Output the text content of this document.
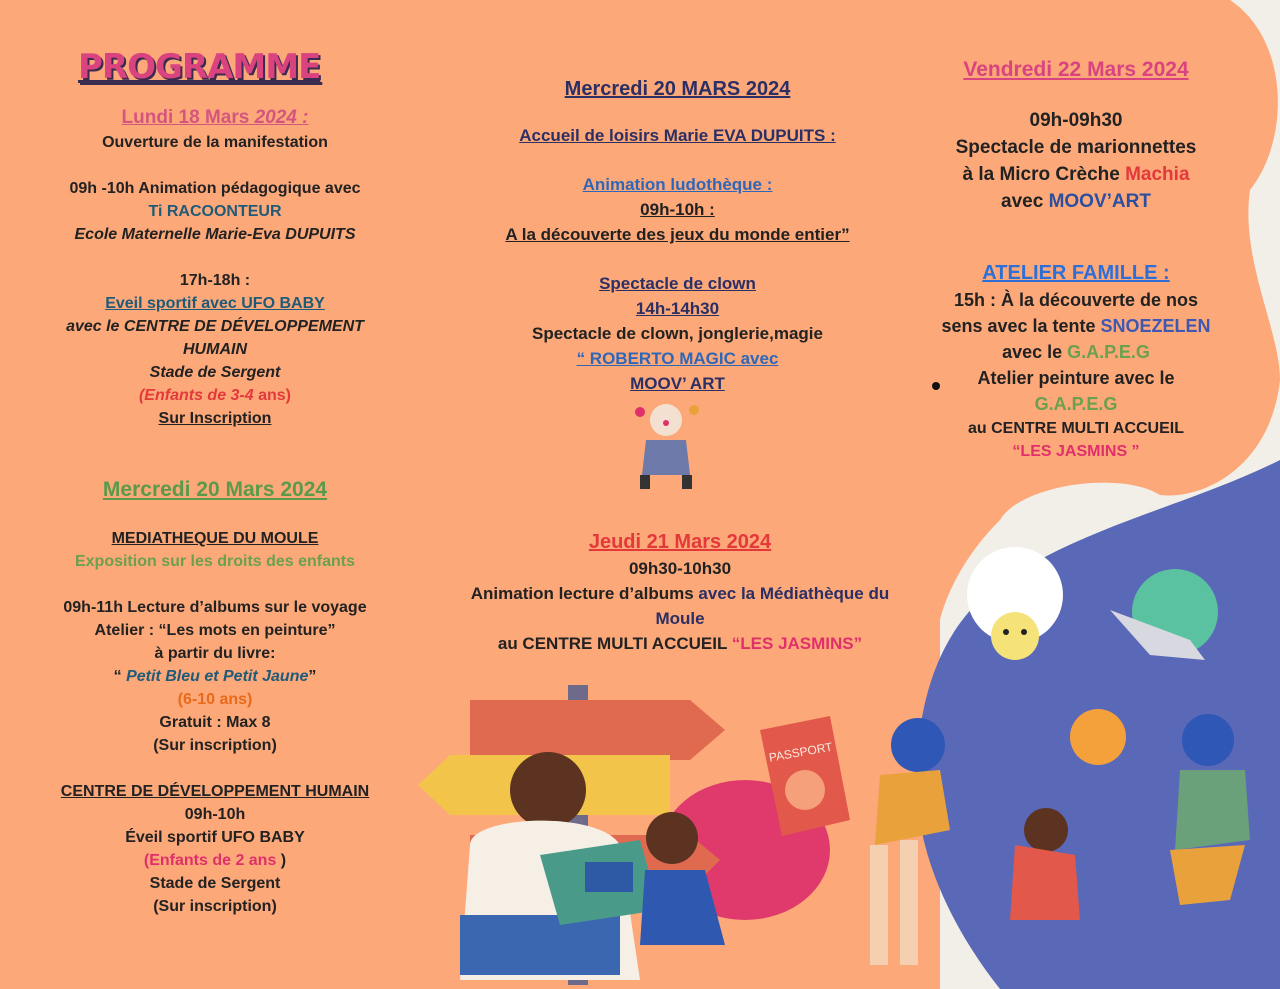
PASSPORT

PROGRAMME

Lundi 18 Mars 2024 :

Ouverture de la manifestation

09h -10h Animation pédagogique avec

Ti RACOONTEUR

Ecole Maternelle Marie-Eva DUPUITS

17h-18h :

Eveil sportif avec UFO BABY

avec le CENTRE DE DÉVELOPPEMENT HUMAIN

Stade de Sergent

(Enfants de 3-4 ans)

Sur Inscription

Mercredi 20 Mars 2024

MEDIATHEQUE DU MOULE

Exposition sur les droits des enfants

09h-11h Lecture d’albums sur le voyage

Atelier : “Les mots en peinture”

à partir du livre:

“ Petit Bleu et Petit Jaune”

(6-10 ans)

Gratuit : Max 8

(Sur inscription)

CENTRE DE DÉVELOPPEMENT HUMAIN

09h-10h

Éveil sportif UFO BABY

(Enfants de 2 ans )

Stade de Sergent

(Sur inscription)

Mercredi 20 MARS 2024

Accueil de loisirs Marie EVA DUPUITS :

Animation ludothèque :

09h-10h :

A la découverte des jeux du monde entier”

Spectacle de clown

14h-14h30

Spectacle de clown, jonglerie,magie

“ ROBERTO MAGIC avec

MOOV’ ART

Jeudi 21 Mars 2024

09h30-10h30

Animation lecture d’albums avec la Médiathèque du Moule

au CENTRE MULTI ACCUEIL “LES JASMINS”

Vendredi 22 Mars 2024

09h-09h30

Spectacle de marionnettes

à la Micro Crèche Machia

avec MOOV’ART

ATELIER FAMILLE :

15h : À la découverte de nos

sens avec la tente SNOEZELEN

avec le G.A.P.E.G

Atelier peinture avec le

G.A.P.E.G

au CENTRE MULTI ACCUEIL

“LES JASMINS ”
